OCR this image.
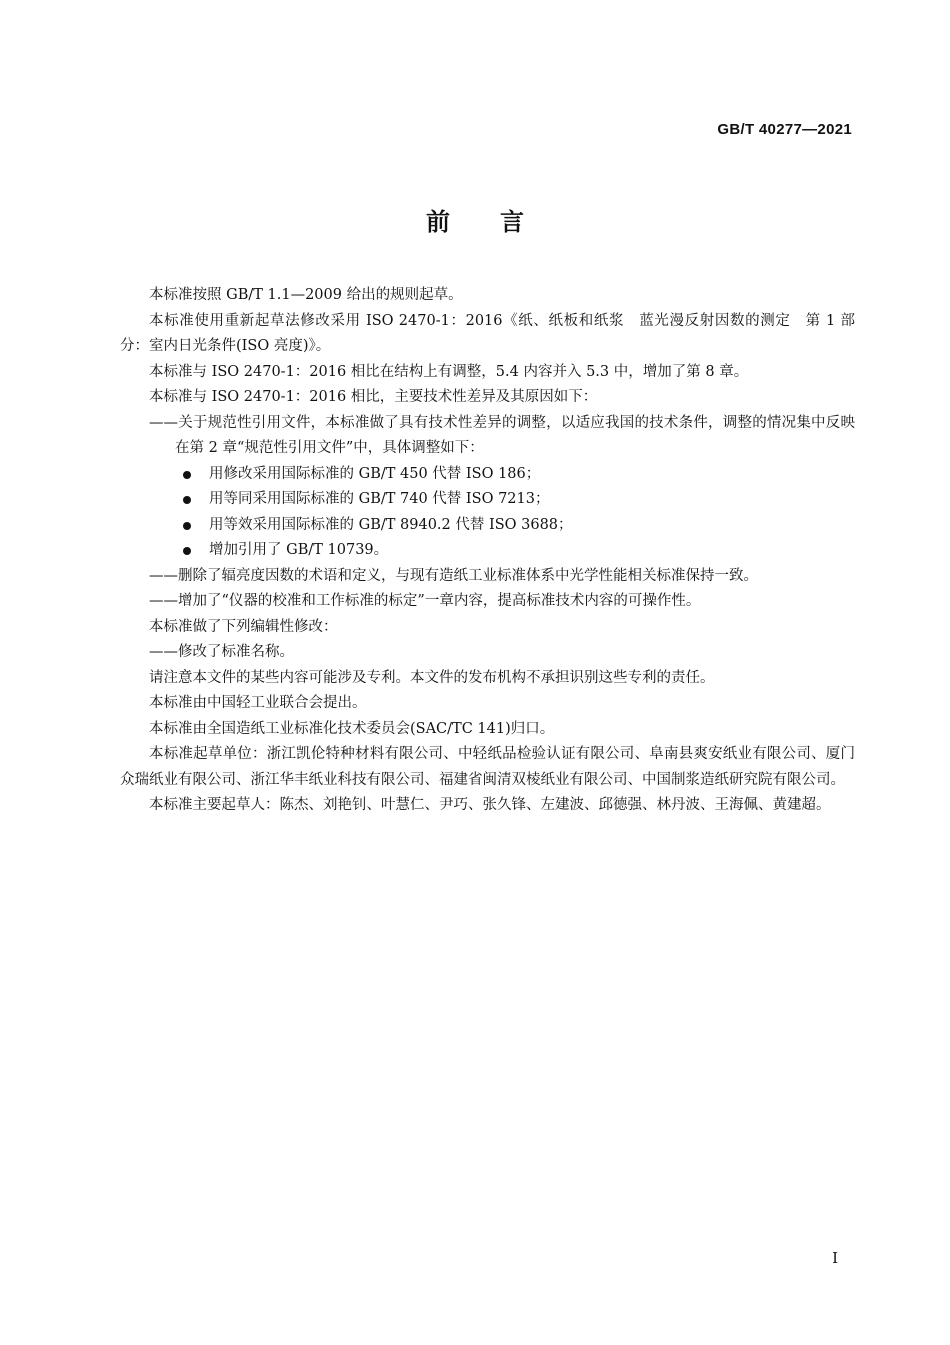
GB/T 40277—2021
前 言

本标准按照 GB/T 1.1—2009 给出的规则起草。

本标准使用重新起草法修改采用 ISO 2470-1：2016《纸、纸板和纸浆　蓝光漫反射因数的测定　第 1 部分：室内日光条件(ISO 亮度)》。

本标准与 ISO 2470-1：2016 相比在结构上有调整，5.4 内容并入 5.3 中，增加了第 8 章。

本标准与 ISO 2470-1：2016 相比，主要技术性差异及其原因如下：

——关于规范性引用文件，本标准做了具有技术性差异的调整，以适应我国的技术条件，调整的情况集中反映在第 2 章“规范性引用文件”中，具体调整如下：

用修改采用国际标准的 GB/T 450 代替 ISO 186；

用等同采用国际标准的 GB/T 740 代替 ISO 7213；

用等效采用国际标准的 GB/T 8940.2 代替 ISO 3688；

增加引用了 GB/T 10739。

——删除了辐亮度因数的术语和定义，与现有造纸工业标准体系中光学性能相关标准保持一致。

——增加了“仪器的校准和工作标准的标定”一章内容，提高标准技术内容的可操作性。

本标准做了下列编辑性修改：

——修改了标准名称。

请注意本文件的某些内容可能涉及专利。本文件的发布机构不承担识别这些专利的责任。

本标准由中国轻工业联合会提出。

本标准由全国造纸工业标准化技术委员会(SAC/TC 141)归口。

本标准起草单位：浙江凯伦特种材料有限公司、中轻纸品检验认证有限公司、阜南县爽安纸业有限公司、厦门众瑞纸业有限公司、浙江华丰纸业科技有限公司、福建省闽清双棱纸业有限公司、中国制浆造纸研究院有限公司。

本标准主要起草人：陈杰、刘艳钊、叶慧仁、尹巧、张久锋、左建波、邱德强、林丹波、王海佩、黄建超。

I
